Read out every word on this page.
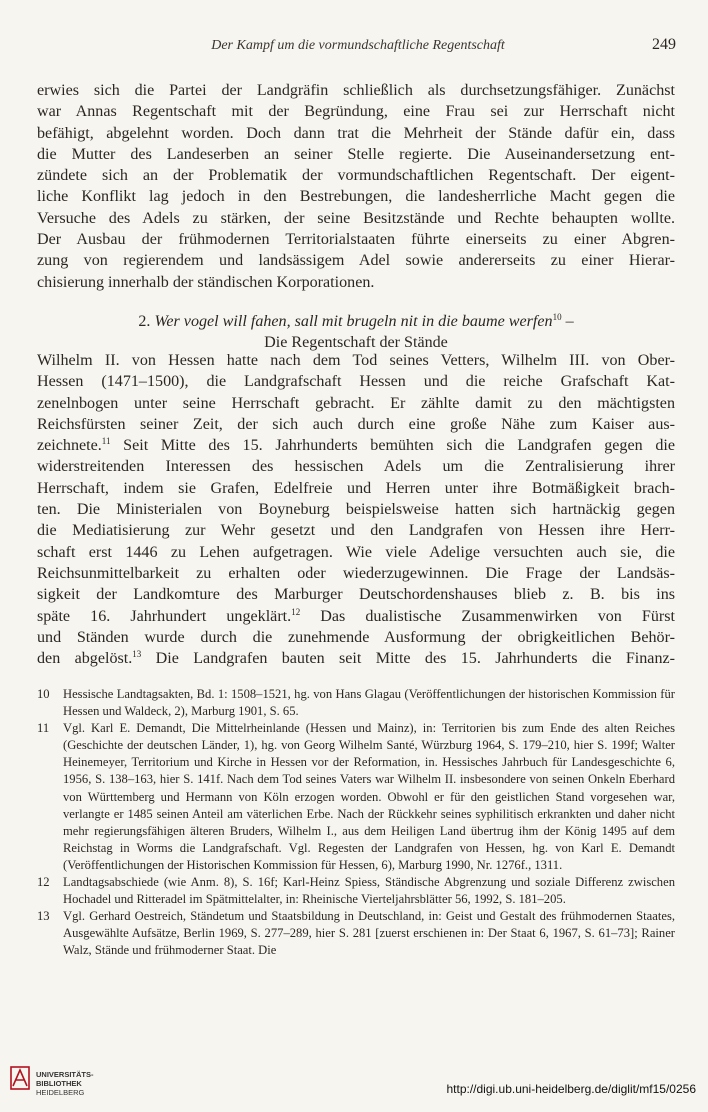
Der Kampf um die vormundschaftliche Regentschaft	249
erwies sich die Partei der Landgräfin schließlich als durchsetzungsfähiger. Zunächst
war Annas Regentschaft mit der Begründung, eine Frau sei zur Herrschaft nicht
befähigt, abgelehnt worden. Doch dann trat die Mehrheit der Stände dafür ein, dass
die Mutter des Landeserben an seiner Stelle regierte. Die Auseinandersetzung ent-
zündete sich an der Problematik der vormundschaftlichen Regentschaft. Der eigent-
liche Konflikt lag jedoch in den Bestrebungen, die landesherrliche Macht gegen die
Versuche des Adels zu stärken, der seine Besitzstände und Rechte behaupten wollte.
Der Ausbau der frühmodernen Territorialstaaten führte einerseits zu einer Abgren-
zung von regierendem und landsässigem Adel sowie andererseits zu einer Hierar-
chisierung innerhalb der ständischen Korporationen.
2. Wer vogel will fahen, sall mit brugeln nit in die baume werfen$^{10}$ –
Die Regentschaft der Stände
Wilhelm II. von Hessen hatte nach dem Tod seines Vetters, Wilhelm III. von Ober-
Hessen (1471–1500), die Landgrafschaft Hessen und die reiche Grafschaft Kat-
zenelnbogen unter seine Herrschaft gebracht. Er zählte damit zu den mächtigsten
Reichsfürsten seiner Zeit, der sich auch durch eine große Nähe zum Kaiser aus-
zeichnete.$^{11}$ Seit Mitte des 15. Jahrhunderts bemühten sich die Landgrafen gegen die
widerstreitenden Interessen des hessischen Adels um die Zentralisierung ihrer
Herrschaft, indem sie Grafen, Edelfreie und Herren unter ihre Botmäßigkeit brach-
ten. Die Ministerialen von Boyneburg beispielsweise hatten sich hartnäckig gegen
die Mediatisierung zur Wehr gesetzt und den Landgrafen von Hessen ihre Herr-
schaft erst 1446 zu Lehen aufgetragen. Wie viele Adelige versuchten auch sie, die
Reichsunmittelbarkeit zu erhalten oder wiederzugewinnen. Die Frage der Landsäs-
sigkeit der Landkomture des Marburger Deutschordenshauses blieb z. B. bis ins
späte 16. Jahrhundert ungeklärt.$^{12}$ Das dualistische Zusammenwirken von Fürst
und Ständen wurde durch die zunehmende Ausformung der obrigkeitlichen Behör-
den abgelöst.$^{13}$ Die Landgrafen bauten seit Mitte des 15. Jahrhunderts die Finanz-
10 Hessische Landtagsakten, Bd. 1: 1508–1521, hg. von Hans Glagau (Veröffentlichungen der historischen Kommission für Hessen und Waldeck, 2), Marburg 1901, S. 65.
11 Vgl. Karl E. Demandt, Die Mittelrheinlande (Hessen und Mainz), in: Territorien bis zum Ende des alten Reiches (Geschichte der deutschen Länder, 1), hg. von Georg Wilhelm Santé, Würzburg 1964, S. 179–210, hier S. 199f; Walter Heinemeyer, Territorium und Kirche in Hessen vor der Reformation, in. Hessisches Jahrbuch für Landesgeschichte 6, 1956, S. 138–163, hier S. 141f. Nach dem Tod seines Vaters war Wilhelm II. insbesondere von seinen Onkeln Eberhard von Württemberg und Hermann von Köln erzogen worden. Obwohl er für den geistlichen Stand vorgesehen war, verlangte er 1485 seinen Anteil am väterlichen Erbe. Nach der Rückkehr seines syphilitisch erkrankten und daher nicht mehr regierungsfähigen älteren Bruders, Wilhelm I., aus dem Heiligen Land übertrug ihm der König 1495 auf dem Reichstag in Worms die Landgrafschaft. Vgl. Regesten der Landgrafen von Hessen, hg. von Karl E. Demandt (Veröffentlichungen der Historischen Kommission für Hessen, 6), Marburg 1990, Nr. 1276f., 1311.
12 Landtagsabschiede (wie Anm. 8), S. 16f; Karl-Heinz Spiess, Ständische Abgrenzung und soziale Differenz zwischen Hochadel und Ritteradel im Spätmittelalter, in: Rheinische Vierteljahrsblätter 56, 1992, S. 181–205.
13 Vgl. Gerhard Oestreich, Ständetum und Staatsbildung in Deutschland, in: Geist und Gestalt des frühmodernen Staates, Ausgewählte Aufsätze, Berlin 1969, S. 277–289, hier S. 281 [zuerst erschienen in: Der Staat 6, 1967, S. 61–73]; Rainer Walz, Stände und frühmoderner Staat. Die
UNIVERSITÄTS-
BIBLIOTHEK
HEIDELBERG	http://digi.ub.uni-heidelberg.de/diglit/mf15/0256
